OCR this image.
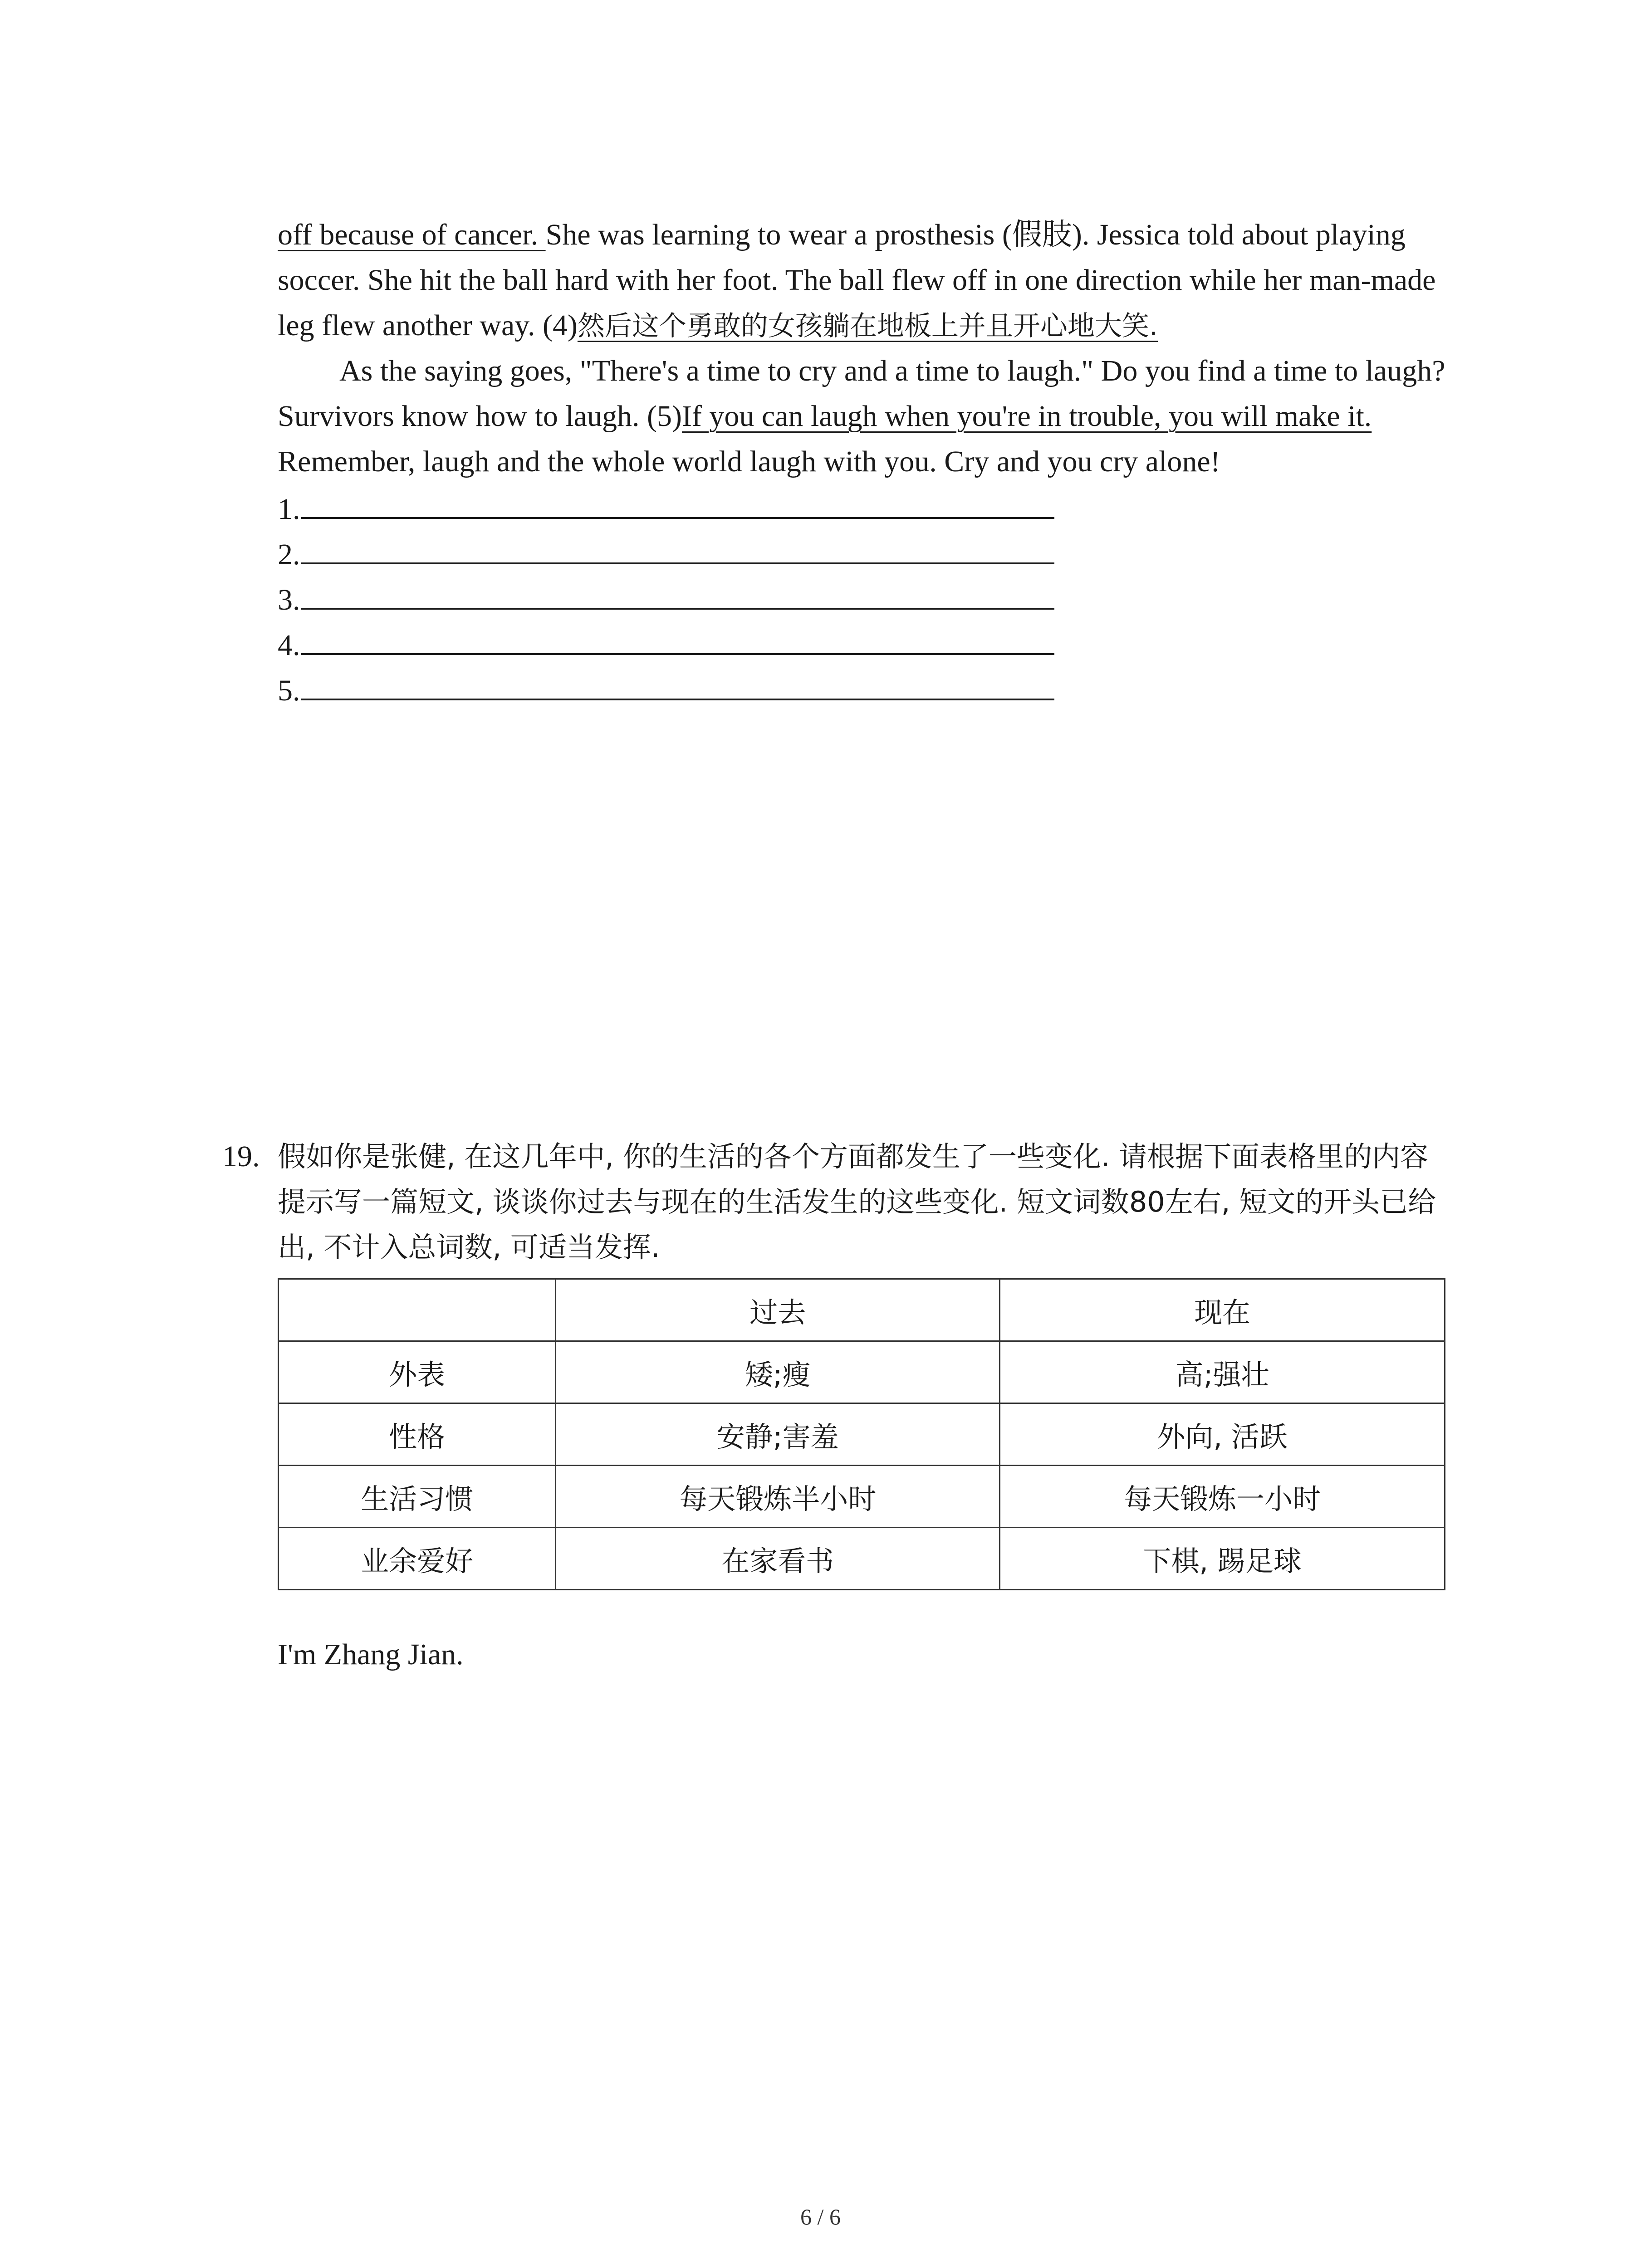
off because of cancer. She was learning to wear a prosthesis (假肢). Jessica told about playing soccer. She hit the ball hard with her foot. The ball flew off in one direction while her man-made leg flew another way. (4)然后这个勇敢的女孩躺在地板上并且开心地大笑.

As the saying goes, "There's a time to cry and a time to laugh." Do you find a time to laugh?Survivors know how to laugh. (5)If you can laugh when you're in trouble, you will make it. Remember, laugh and the whole world laugh with you. Cry and you cry alone!

1.
2.
3.
4.
5.
19. 假如你是张健, 在这几年中, 你的生活的各个方面都发生了一些变化. 请根据下面表格里的内容提示写一篇短文, 谈谈你过去与现在的生活发生的这些变化. 短文词数80左右, 短文的开头已给出, 不计入总词数, 可适当发挥.
	过去	现在
外表	矮;瘦	高;强壮
性格	安静;害羞	外向, 活跃
生活习惯	每天锻炼半小时	每天锻炼一小时
业余爱好	在家看书	下棋, 踢足球
I'm Zhang Jian.
6 / 6
